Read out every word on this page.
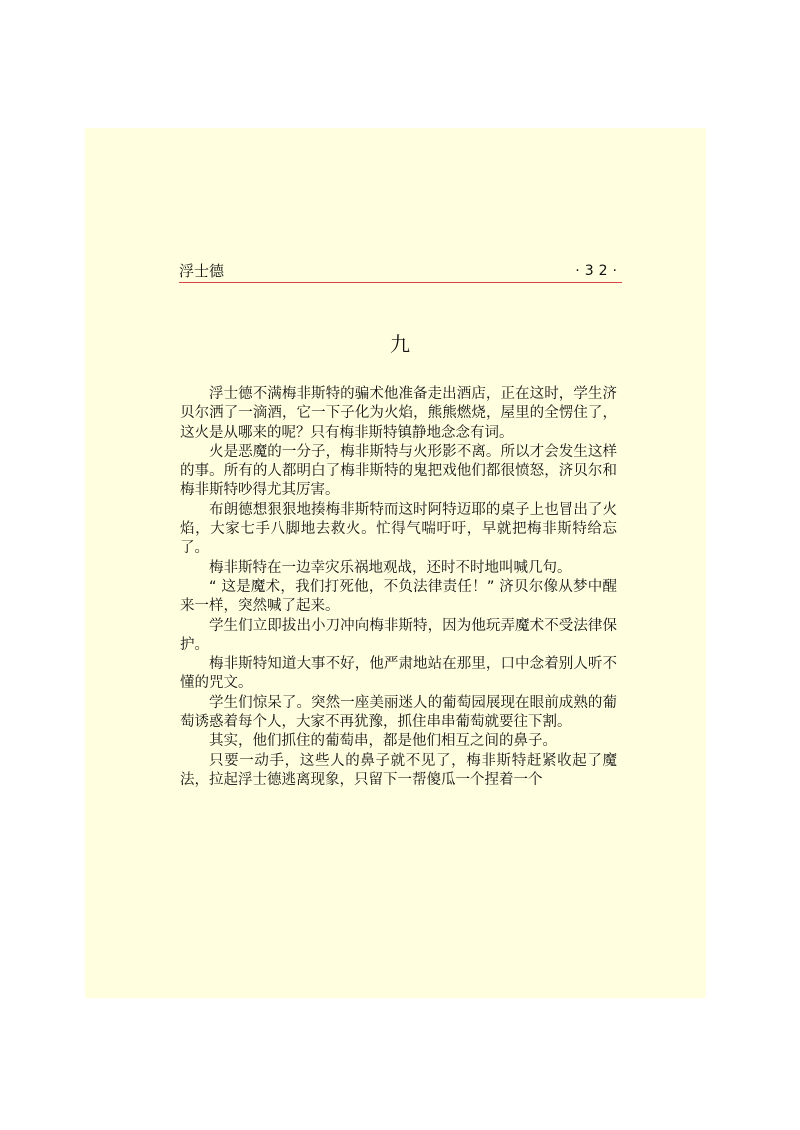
浮士德	·32·
九

浮士德不满梅非斯特的骗术他准备走出酒店，正在这时，学生济贝尔洒了一滴酒，它一下子化为火焰，熊熊燃烧，屋里的全愣住了，这火是从哪来的呢？只有梅非斯特镇静地念念有词。

火是恶魔的一分子，梅非斯特与火形影不离。所以才会发生这样的事。所有的人都明白了梅非斯特的鬼把戏他们都很愤怒，济贝尔和梅非斯特吵得尤其厉害。

布朗德想狠狠地揍梅非斯特而这时阿特迈耶的桌子上也冒出了火焰，大家七手八脚地去救火。忙得气喘吁吁，早就把梅非斯特给忘了。

梅非斯特在一边幸灾乐祸地观战，还时不时地叫喊几句。

“ 这是魔术，我们打死他，不负法律责任！” 济贝尔像从梦中醒来一样，突然喊了起来。

学生们立即拔出小刀冲向梅非斯特，因为他玩弄魔术不受法律保护。

梅非斯特知道大事不好，他严肃地站在那里，口中念着别人听不懂的咒文。

学生们惊呆了。突然一座美丽迷人的葡萄园展现在眼前成熟的葡萄诱惑着每个人，大家不再犹豫，抓住串串葡萄就要往下割。

其实，他们抓住的葡萄串，都是他们相互之间的鼻子。

只要一动手，这些人的鼻子就不见了，梅非斯特赶紧收起了魔法，拉起浮士德逃离现象，只留下一帮傻瓜一个捏着一个
